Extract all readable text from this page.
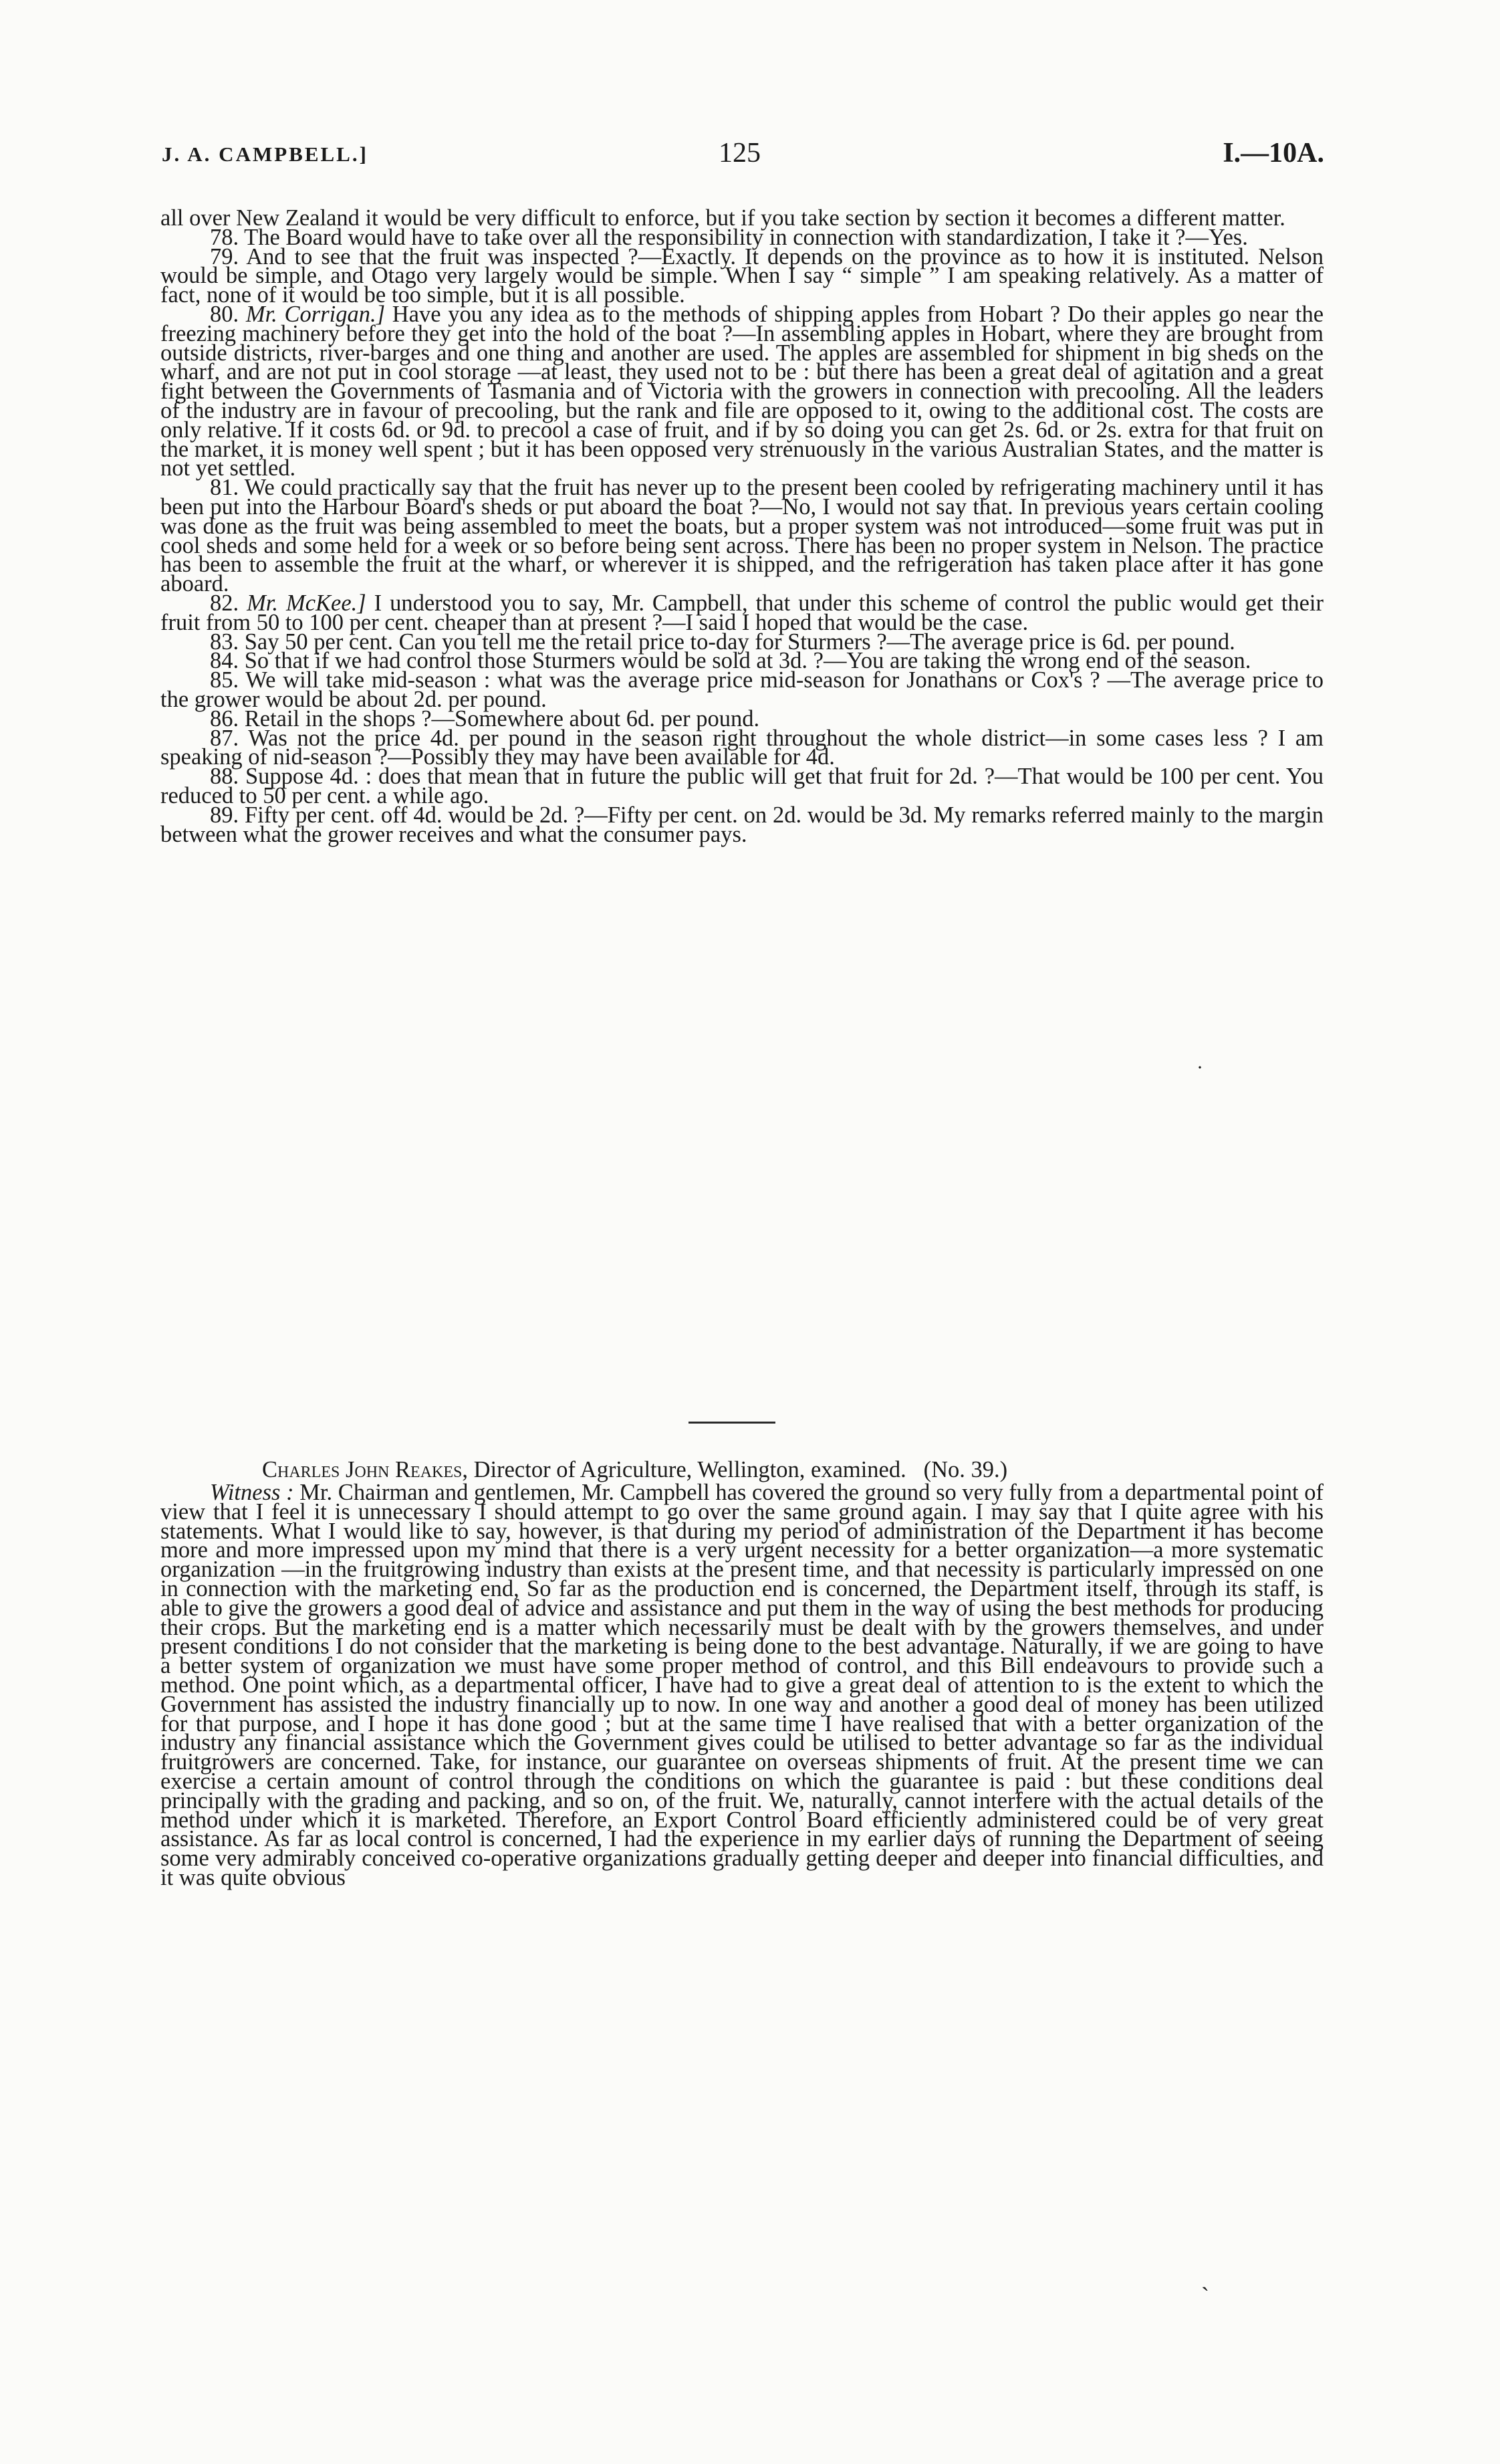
J. A. CAMPBELL.]	125	I.—10A.

all over New Zealand it would be very difficult to enforce, but if you take section by section it becomes a different matter.

78. The Board would have to take over all the responsibility in connection with standardization, I take it ?—Yes.

79. And to see that the fruit was inspected ?—Exactly. It depends on the province as to how it is instituted. Nelson would be simple, and Otago very largely would be simple. When I say “ simple ” I am speaking relatively. As a matter of fact, none of it would be too simple, but it is all possible.

80. Mr. Corrigan.] Have you any idea as to the methods of shipping apples from Hobart ? Do their apples go near the freezing machinery before they get into the hold of the boat ?—In assembling apples in Hobart, where they are brought from outside districts, river-barges and one thing and another are used. The apples are assembled for shipment in big sheds on the wharf, and are not put in cool storage —at least, they used not to be : but there has been a great deal of agitation and a great fight between the Governments of Tasmania and of Victoria with the growers in connection with precooling. All the leaders of the industry are in favour of precooling, but the rank and file are opposed to it, owing to the additional cost. The costs are only relative. If it costs 6d. or 9d. to precool a case of fruit, and if by so doing you can get 2s. 6d. or 2s. extra for that fruit on the market, it is money well spent ; but it has been opposed very strenuously in the various Australian States, and the matter is not yet settled.

81. We could practically say that the fruit has never up to the present been cooled by refrigerating machinery until it has been put into the Harbour Board's sheds or put aboard the boat ?—No, I would not say that. In previous years certain cooling was done as the fruit was being assembled to meet the boats, but a proper system was not introduced—some fruit was put in cool sheds and some held for a week or so before being sent across. There has been no proper system in Nelson. The practice has been to assemble the fruit at the wharf, or wherever it is shipped, and the refrigeration has taken place after it has gone aboard.

82. Mr. McKee.] I understood you to say, Mr. Campbell, that under this scheme of control the public would get their fruit from 50 to 100 per cent. cheaper than at present ?—I said I hoped that would be the case.

83. Say 50 per cent. Can you tell me the retail price to-day for Sturmers ?—The average price is 6d. per pound.

84. So that if we had control those Sturmers would be sold at 3d. ?—You are taking the wrong end of the season.

85. We will take mid-season : what was the average price mid-season for Jonathans or Cox's ? —The average price to the grower would be about 2d. per pound.

86. Retail in the shops ?—Somewhere about 6d. per pound.

87. Was not the price 4d. per pound in the season right throughout the whole district—in some cases less ? I am speaking of nid-season ?—Possibly they may have been available for 4d.

88. Suppose 4d. : does that mean that in future the public will get that fruit for 2d. ?—That would be 100 per cent. You reduced to 50 per cent. a while ago.

89. Fifty per cent. off 4d. would be 2d. ?—Fifty per cent. on 2d. would be 3d. My remarks referred mainly to the margin between what the grower receives and what the consumer pays.

·
Charles John Reakes, Director of Agriculture, Wellington, examined. (No. 39.)

Witness : Mr. Chairman and gentlemen, Mr. Campbell has covered the ground so very fully from a departmental point of view that I feel it is unnecessary I should attempt to go over the same ground again. I may say that I quite agree with his statements. What I would like to say, however, is that during my period of administration of the Department it has become more and more impressed upon my mind that there is a very urgent necessity for a better organization—a more systematic organization —in the fruitgrowing industry than exists at the present time, and that necessity is particularly impressed on one in connection with the marketing end, So far as the production end is concerned, the Department itself, through its staff, is able to give the growers a good deal of advice and assistance and put them in the way of using the best methods for producing their crops. But the marketing end is a matter which necessarily must be dealt with by the growers themselves, and under present conditions I do not consider that the marketing is being done to the best advantage. Naturally, if we are going to have a better system of organization we must have some proper method of control, and this Bill endeavours to provide such a method. One point which, as a departmental officer, I have had to give a great deal of attention to is the extent to which the Government has assisted the industry financially up to now. In one way and another a good deal of money has been utilized for that purpose, and I hope it has done good ; but at the same time I have realised that with a better organization of the industry any financial assistance which the Government gives could be utilised to better advantage so far as the individual fruitgrowers are concerned. Take, for instance, our guarantee on overseas shipments of fruit. At the present time we can exercise a certain amount of control through the conditions on which the guarantee is paid : but these conditions deal principally with the grading and packing, and so on, of the fruit. We, naturally, cannot interfere with the actual details of the method under which it is marketed. Therefore, an Export Control Board efficiently administered could be of very great assistance. As far as local control is concerned, I had the experience in my earlier days of running the Department of seeing some very admirably conceived co-operative organizations gradually getting deeper and deeper into financial difficulties, and it was quite obvious

ˎ
